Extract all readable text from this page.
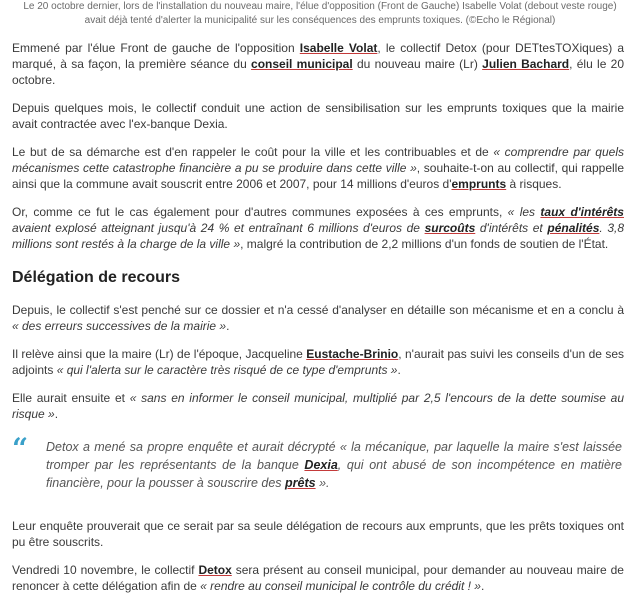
Le 20 octobre dernier, lors de l'installation du nouveau maire, l'élue d'opposition (Front de Gauche) Isabelle Volat (debout veste rouge) avait déjà tenté d'alerter la municipalité sur les conséquences des emprunts toxiques. (©Echo le Régional)

Emmené par l'élue Front de gauche de l'opposition Isabelle Volat, le collectif Detox (pour DETtesTOXiques) a marqué, à sa façon, la première séance du conseil municipal du nouveau maire (Lr) Julien Bachard, élu le 20 octobre.

Depuis quelques mois, le collectif conduit une action de sensibilisation sur les emprunts toxiques que la mairie avait contractée avec l'ex-banque Dexia.

Le but de sa démarche est d'en rappeler le coût pour la ville et les contribuables et de « comprendre par quels mécanismes cette catastrophe financière a pu se produire dans cette ville », souhaite-t-on au collectif, qui rappelle ainsi que la commune avait souscrit entre 2006 et 2007, pour 14 millions d'euros d'emprunts à risques.

Or, comme ce fut le cas également pour d'autres communes exposées à ces emprunts, « les taux d'intérêts avaient explosé atteignant jusqu'à 24 % et entraînant 6 millions d'euros de surcoûts d'intérêts et pénalités. 3,8 millions sont restés à la charge de la ville », malgré la contribution de 2,2 millions d'un fonds de soutien de l'État.

Délégation de recours

Depuis, le collectif s'est penché sur ce dossier et n'a cessé d'analyser en détaille son mécanisme et en a conclu à « des erreurs successives de la mairie ».

Il relève ainsi que la maire (Lr) de l'époque, Jacqueline Eustache-Brinio, n'aurait pas suivi les conseils d'un de ses adjoints « qui l'alerta sur le caractère très risqué de ce type d'emprunts ».

Elle aurait ensuite et « sans en informer le conseil municipal, multiplié par 2,5 l'encours de la dette soumise au risque ».

“	Detox a mené sa propre enquête et aurait décrypté « la mécanique, par laquelle la maire s'est laissée tromper par les représentants de la banque Dexia, qui ont abusé de son incompétence en matière financière, pour la pousser à souscrire des prêts ».

Leur enquête prouverait que ce serait par sa seule délégation de recours aux emprunts, que les prêts toxiques ont pu être souscrits.

Vendredi 10 novembre, le collectif Detox sera présent au conseil municipal, pour demander au nouveau maire de renoncer à cette délégation afin de « rendre au conseil municipal le contrôle du crédit ! ».
